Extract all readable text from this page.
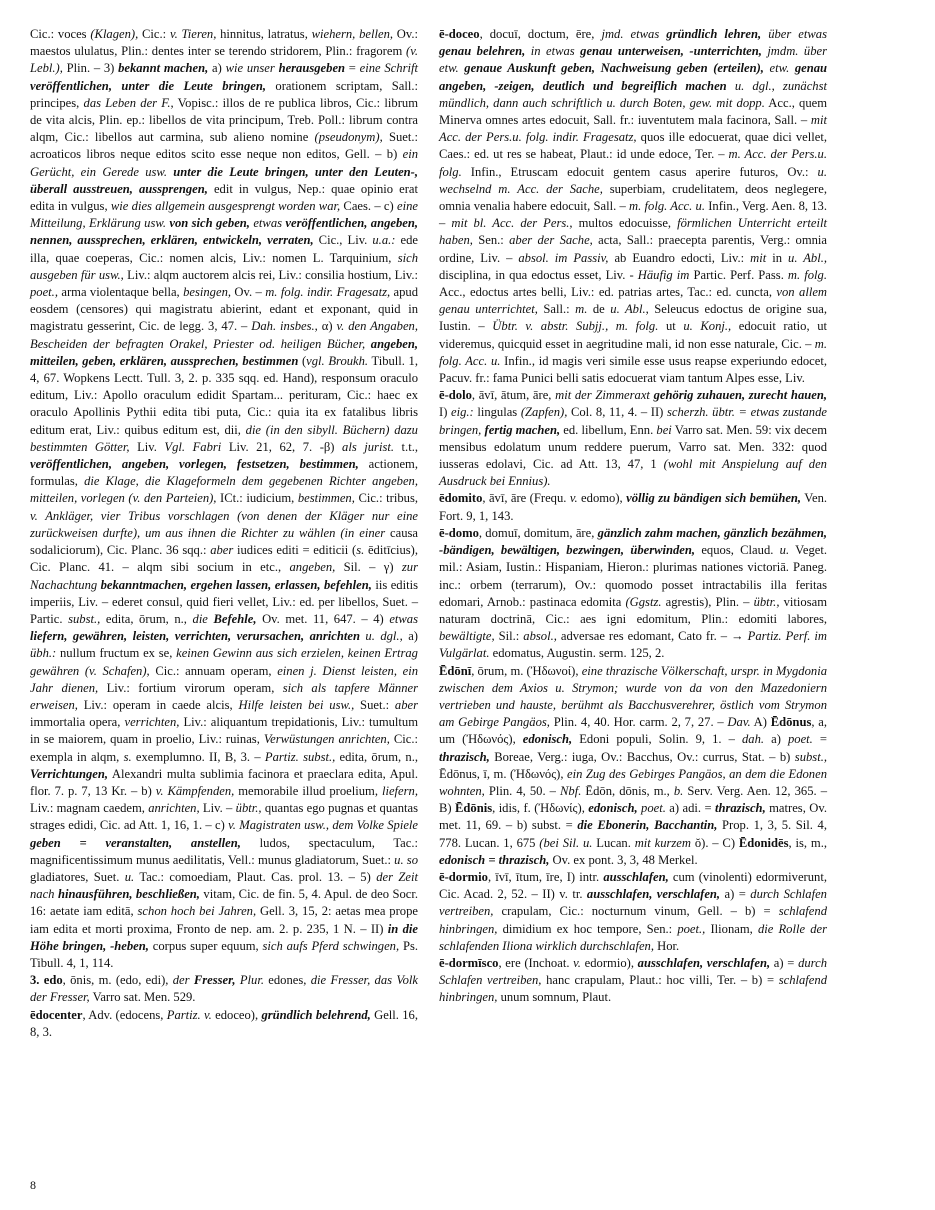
Cic.: voces (Klagen), Cic.: v. Tieren, hinnitus, latratus, wiehern, bellen, Ov.: maestos ululatus, Plin.: dentes inter se terendo stridorem, Plin.: fragorem (v. Lebl.), Plin. – 3) bekannt machen, a) wie unser herausgeben = eine Schrift veröffentlichen, unter die Leute bringen, orationem scriptam, Sall.: principes, das Leben der F., Vopisc.: illos de re publica libros, Cic.: librum de vita alcis, Plin. ep.: libellos de vita principum, Treb. Poll.: librum contra alqm, Cic.: libellos aut carmina, sub alieno nomine (pseudonym), Suet.: acroaticos libros neque editos scito esse neque non editos, Gell. – b) ein Gerücht, ein Gerede usw. unter die Leute bringen, unter den Leuten-, überall ausstreuen, aussprengen, edit in vulgus, Nep.: quae opinio erat edita in vulgus, wie dies allgemein ausgesprengt worden war, Caes. – c) eine Mitteilung, Erklärung usw. von sich geben, etwas veröffentlichen, angeben, nennen, aussprechen, erklären, entwickeln, verraten, Cic., Liv. u.a.: ede illa, quae coeperas, Cic.: nomen alcis, Liv.: nomen L. Tarquinium, sich ausgeben für usw., Liv.: alqm auctorem alcis rei, Liv.: consilia hostium, Liv.: poet., arma violentaque bella, besingen, Ov. – m. folg. indir. Fragesatz, apud eosdem (censores) qui magistratu abierint, edant et exponant, quid in magistratu gesserint, Cic. de legg. 3, 47. – Dah. insbes., α) v. den Angaben, Bescheiden der befragten Orakel, Priester od. heiligen Bücher, angeben, mitteilen, geben, erklären, aussprechen, bestimmen (vgl. Broukh. Tibull. 1, 4, 67. Wopkens Lectt. Tull. 3, 2. p. 335 sqq. ed. Hand), responsum oraculo editum, Liv.: Apollo oraculum edidit Spartam... perituram, Cic.: haec ex oraculo Apollinis Pythii edita tibi puta, Cic.: quia ita ex fatalibus libris editum erat, Liv.: quibus editum est, dii, die (in den sibyll. Büchern) dazu bestimmten Götter, Liv. Vgl. Fabri Liv. 21, 62, 7. -β) als jurist. t.t., veröffentlichen, angeben, vorlegen, festsetzen, bestimmen, actionem, formulas, die Klage, die Klageformeln dem gegebenen Richter angeben, mitteilen, vorlegen (v. den Parteien), ICt.: iudicium, bestimmen, Cic.: tribus, v. Ankläger, vier Tribus vorschlagen (von denen der Kläger nur eine zurückweisen durfte), um aus ihnen die Richter zu wählen (in einer causa sodaliciorum), Cic. Planc. 36 sqq.: aber iudices editi = editicii (s. ēditīcius), Cic. Planc. 41. – alqm sibi socium in etc., angeben, Sil. – γ) zur Nachachtung bekanntmachen, ergehen lassen, erlassen, befehlen, iis editis imperiis, Liv. – ederet consul, quid fieri vellet, Liv.: ed. per libellos, Suet. – Partic. subst., edita, ōrum, n., die Befehle, Ov. met. 11, 647. – 4) etwas liefern, gewähren, leisten, verrichten, verursachen, anrichten u. dgl., a) übh.: nullum fructum ex se, keinen Gewinn aus sich erzielen, keinen Ertrag gewähren (v. Schafen), Cic.: annuam operam, einen j. Dienst leisten, ein Jahr dienen, Liv.: fortium virorum operam, sich als tapfere Männer erweisen, Liv.: operam in caede alcis, Hilfe leisten bei usw., Suet.: aber immortalia opera, verrichten, Liv.: aliquantum trepidationis, Liv.: tumultum in se maiorem, quam in proelio, Liv.: ruinas, Verwüstungen anrichten, Cic.: exempla in alqm, s. exemplumno. II, B, 3. – Partiz. subst., edita, ōrum, n., Verrichtungen, Alexandri multa sublimia facinora et praeclara edita, Apul. flor. 7. p. 7, 13 Kr. – b) v. Kämpfenden, memorabile illud proelium, liefern, Liv.: magnam caedem, anrichten, Liv. – übtr., quantas ego pugnas et quantas strages edidi, Cic. ad Att. 1, 16, 1. – c) v. Magistraten usw., dem Volke Spiele geben = veranstalten, anstellen, ludos, spectaculum, Tac.: magnificentissimum munus aedilitatis, Vell.: munus gladiatorum, Suet.: u. so gladiatores, Suet. u. Tac.: comoediam, Plaut. Cas. prol. 13. – 5) der Zeit nach hinausführen, beschließen, vitam, Cic. de fin. 5, 4. Apul. de deo Socr. 16: aetate iam editā, schon hoch bei Jahren, Gell. 3, 15, 2: aetas mea prope iam edita et morti proxima, Fronto de nep. am. 2. p. 235, 1 N. – II) in die Höhe bringen, -heben, corpus super equum, sich aufs Pferd schwingen, Ps. Tibull. 4, 1, 114.

3. edo, ōnis, m. (edo, edi), der Fresser, Plur. edones, die Fresser, das Volk der Fresser, Varro sat. Men. 529.

ēdocenter, Adv. (edocens, Partiz. v. edoceo), gründlich belehrend, Gell. 16, 8, 3.

ē-doceo, docuī, doctum, ēre, jmd. etwas gründlich lehren, über etwas genau belehren, in etwas genau unterweisen, -unterrichten, jmdm. über etw. genaue Auskunft geben, Nachweisung geben (erteilen), etw. genau angeben, -zeigen, deutlich und begreiflich machen u. dgl., zunächst mündlich, dann auch schriftlich u. durch Boten, gew. mit dopp. Acc., quem Minerva omnes artes edocuit, Sall. fr.: iuventutem mala facinora, Sall. – mit Acc. der Pers.u. folg. indir. Fragesatz, quos ille edocuerat, quae dici vellet, Caes.: ed. ut res se habeat, Plaut.: id unde edoce, Ter. – m. Acc. der Pers.u. folg. Infin., Etruscam edocuit gentem casus aperire futuros, Ov.: u. wechselnd m. Acc. der Sache, superbiam, crudelitatem, deos neglegere, omnia venalia habere edocuit, Sall. – m. folg. Acc. u. Infin., Verg. Aen. 8, 13. – mit bl. Acc. der Pers., multos edocuisse, förmlichen Unterricht erteilt haben, Sen.: aber der Sache, acta, Sall.: praecepta parentis, Verg.: omnia ordine, Liv. – absol. im Passiv, ab Euandro edocti, Liv.: mit in u. Abl., disciplina, in qua edoctus esset, Liv. - Häufig im Partic. Perf. Pass. m. folg. Acc., edoctus artes belli, Liv.: ed. patrias artes, Tac.: ed. cuncta, von allem genau unterrichtet, Sall.: m. de u. Abl., Seleucus edoctus de origine sua, Iustin. – Übtr. v. abstr. Subjj., m. folg. ut u. Konj., edocuit ratio, ut videremus, quicquid esset in aegritudine mali, id non esse naturale, Cic. – m. folg. Acc. u. Infin., id magis veri simile esse usus reapse experiundo edocet, Pacuv. fr.: fama Punici belli satis edocuerat viam tantum Alpes esse, Liv.

ē-dolo, āvī, ātum, āre, mit der Zimmeraxt gehörig zuhauen, zurecht hauen, I) eig.: lingulas (Zapfen), Col. 8, 11, 4. – II) scherzh. übtr. = etwas zustande bringen, fertig machen, ed. libellum, Enn. bei Varro sat. Men. 59: vix decem mensibus edolatum unum reddere puerum, Varro sat. Men. 332: quod iusseras edolavi, Cic. ad Att. 13, 47, 1 (wohl mit Anspielung auf den Ausdruck bei Ennius).

ēdomito, āvī, āre (Frequ. v. edomo), völlig zu bändigen sich bemühen, Ven. Fort. 9, 1, 143.

ē-domo, domuī, domitum, āre, gänzlich zahm machen, gänzlich bezähmen, -bändigen, bewältigen, bezwingen, überwinden, equos, Claud. u. Veget. mil.: Asiam, Iustin.: Hispaniam, Hieron.: plurimas nationes victoriā. Paneg. inc.: orbem (terrarum), Ov.: quomodo posset intractabilis illa feritas edomari, Arnob.: pastinaca edomita (Ggstz. agrestis), Plin. – übtr., vitiosam naturam doctrinā, Cic.: aes igni edomitum, Plin.: edomiti labores, bewältigte, Sil.: absol., adversae res edomant, Cato fr. – → Partiz. Perf. im Vulgärlat. edomatus, Augustin. serm. 125, 2.

Ēdōnī, ōrum, m. (Ἠδωνοί), eine thrazische Völkerschaft, urspr. in Mygdonia zwischen dem Axios u. Strymon; wurde von da von den Mazedoniern vertrieben und hauste, berühmt als Bacchusverehrer, östlich vom Strymon am Gebirge Pangäos, Plin. 4, 40. Hor. carm. 2, 7, 27. – Dav. A) Ēdōnus, a, um (Ἠδωνός), edonisch, Edoni populi, Solin. 9, 1. – dah. a) poet. = thrazisch, Boreae, Verg.: iuga, Ov.: Bacchus, Ov.: currus, Stat. – b) subst., Ēdōnus, ī, m. (Ἠδωνός), ein Zug des Gebirges Pangäos, an dem die Edonen wohnten, Plin. 4, 50. – Nbf. Ēdōn, dōnis, m., b. Serv. Verg. Aen. 12, 365. – B) Ēdōnis, idis, f. (Ἠδωνίς), edonisch, poet. a) adi. = thrazisch, matres, Ov. met. 11, 69. – b) subst. = die Ebonerin, Bacchantin, Prop. 1, 3, 5. Sil. 4, 778. Lucan. 1, 675 (bei Sil. u. Lucan. mit kurzem ŏ). – C) Ēdonidēs, is, m., edonisch = thrazisch, Ov. ex pont. 3, 3, 48 Merkel.

ē-dormio, īvī, ītum, īre, I) intr. ausschlafen, cum (vinolenti) edormiverunt, Cic. Acad. 2, 52. – II) v. tr. ausschlafen, verschlafen, a) = durch Schlafen vertreiben, crapulam, Cic.: nocturnum vinum, Gell. – b) = schlafend hinbringen, dimidium ex hoc tempore, Sen.: poet., Ilionam, die Rolle der schlafenden Iliona wirklich durchschlafen, Hor.

ē-dormīsco, ere (Inchoat. v. edormio), ausschlafen, verschlafen, a) = durch Schlafen vertreiben, hanc crapulam, Plaut.: hoc villi, Ter. – b) = schlafend hinbringen, unum somnum, Plaut.

8
